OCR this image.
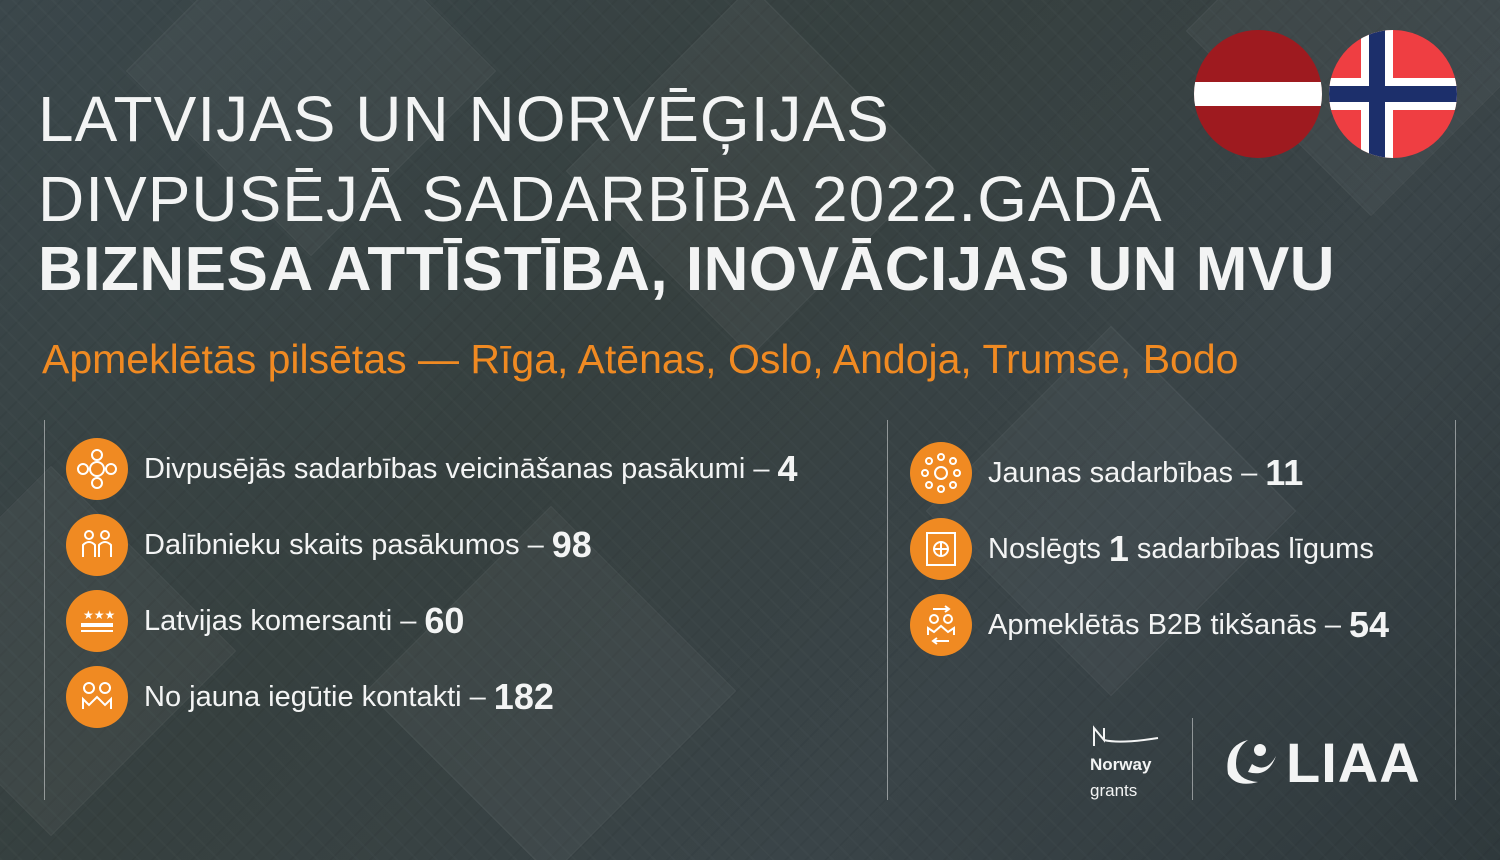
LATVIJAS UN NORVĒĢIJAS
DIVPUSĒJĀ SADARBĪBA 2022.GADĀ
BIZNESA ATTĪSTĪBA, INOVĀCIJAS UN MVU
Apmeklētās pilsētas — Rīga, Atēnas, Oslo, Andoja, Trumse, Bodo
Divpusējās sadarbības veicināšanas pasākumi – 4
Dalībnieku skaits pasākumos – 98
★★★ Latvijas komersanti – 60
No jauna iegūtie kontakti – 182
Jaunas sadarbības – 11
Noslēgts 1 sadarbības līgums
Apmeklētās B2B tikšanās – 54
Norway
grants	LIAA
